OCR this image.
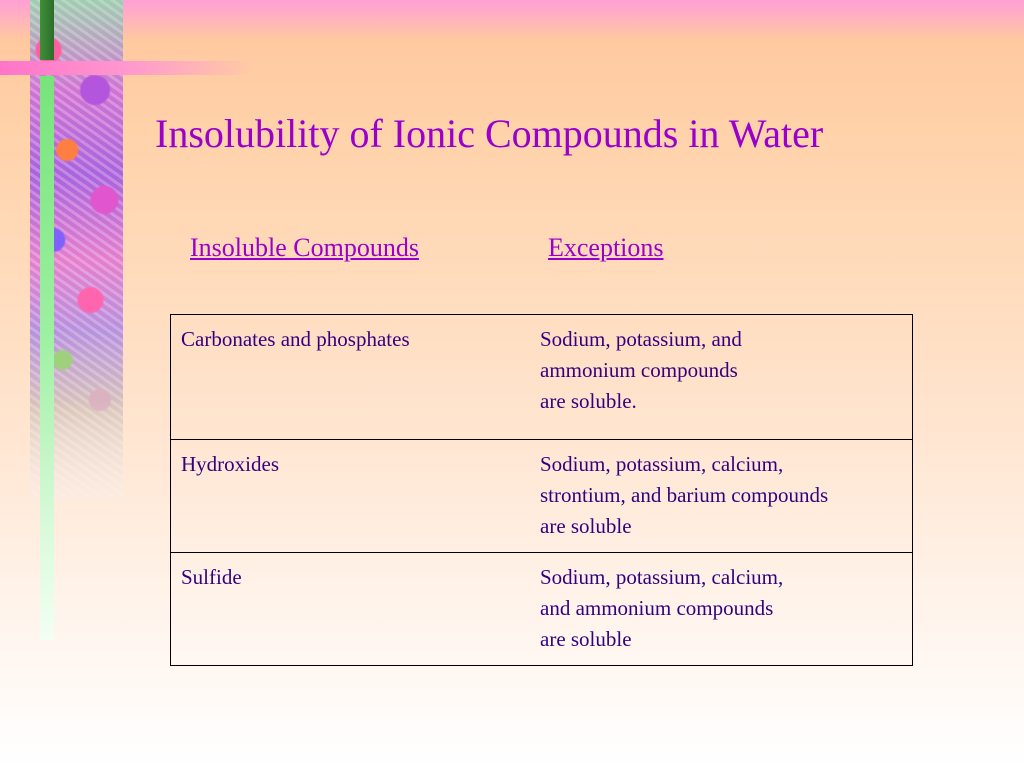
Insolubility of Ionic Compounds in Water
Insoluble Compounds	Exceptions
Carbonates and phosphates	Sodium, potassium, and
ammonium compounds
are soluble.
Hydroxides	Sodium, potassium, calcium,
strontium, and barium compounds
are soluble
Sulfide	Sodium, potassium, calcium,
and ammonium compounds
are soluble
